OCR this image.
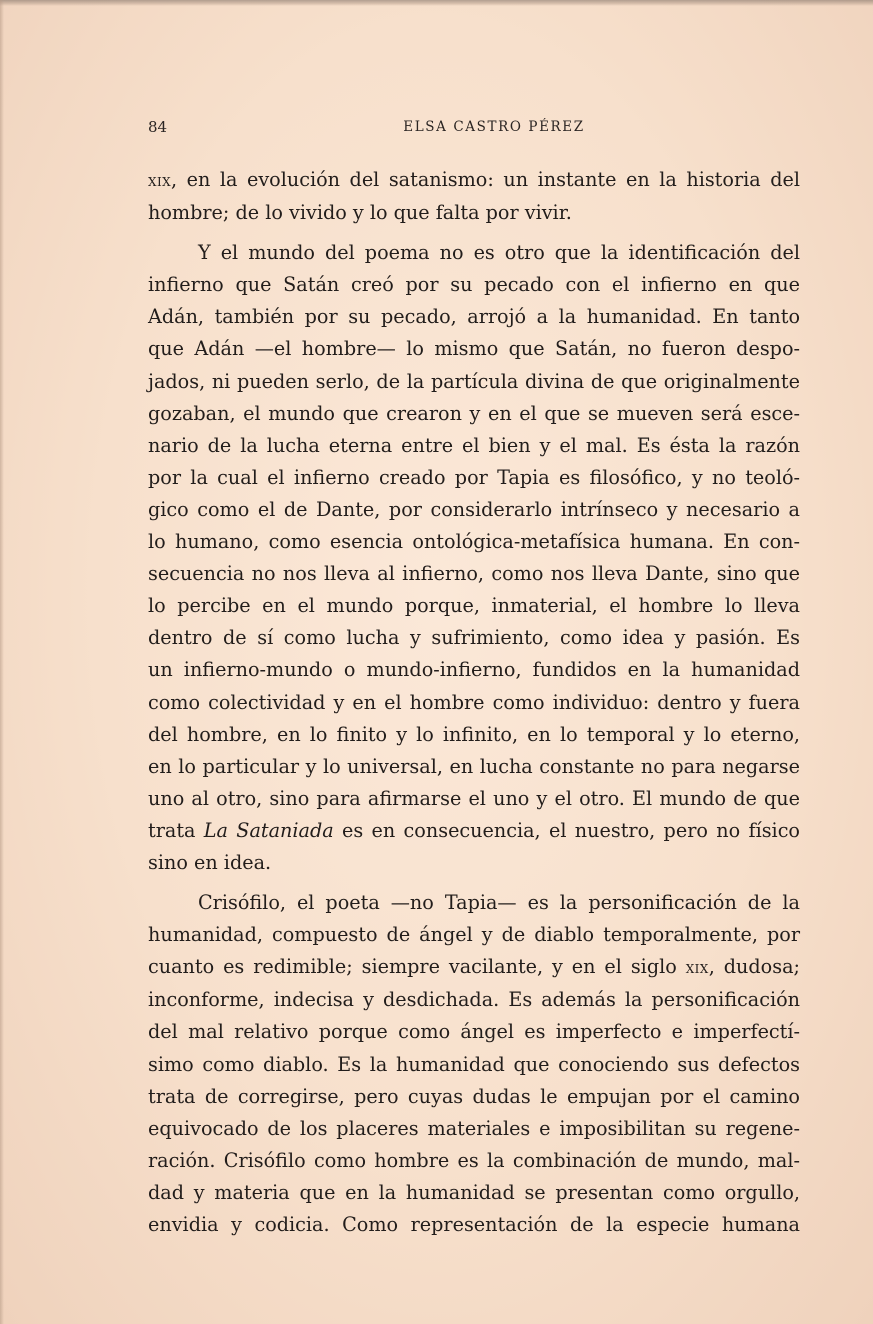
84	ELSA CASTRO PÉREZ

xix, en la evolución del satanismo: un instante en la historia del
hombre; de lo vivido y lo que falta por vivir.

Y el mundo del poema no es otro que la identificación del
infierno que Satán creó por su pecado con el infierno en que
Adán, también por su pecado, arrojó a la humanidad. En tanto
que Adán —el hombre— lo mismo que Satán, no fueron despo-
jados, ni pueden serlo, de la partícula divina de que originalmente
gozaban, el mundo que crearon y en el que se mueven será esce-
nario de la lucha eterna entre el bien y el mal. Es ésta la razón
por la cual el infierno creado por Tapia es filosófico, y no teoló-
gico como el de Dante, por considerarlo intrínseco y necesario a
lo humano, como esencia ontológica-metafísica humana. En con-
secuencia no nos lleva al infierno, como nos lleva Dante, sino que
lo percibe en el mundo porque, inmaterial, el hombre lo lleva
dentro de sí como lucha y sufrimiento, como idea y pasión. Es
un infierno-mundo o mundo-infierno, fundidos en la humanidad
como colectividad y en el hombre como individuo: dentro y fuera
del hombre, en lo finito y lo infinito, en lo temporal y lo eterno,
en lo particular y lo universal, en lucha constante no para negarse
uno al otro, sino para afirmarse el uno y el otro. El mundo de que
trata La Sataniada es en consecuencia, el nuestro, pero no físico
sino en idea.

Crisófilo, el poeta —no Tapia— es la personificación de la
humanidad, compuesto de ángel y de diablo temporalmente, por
cuanto es redimible; siempre vacilante, y en el siglo xix, dudosa;
inconforme, indecisa y desdichada. Es además la personificación
del mal relativo porque como ángel es imperfecto e imperfectí-
simo como diablo. Es la humanidad que conociendo sus defectos
trata de corregirse, pero cuyas dudas le empujan por el camino
equivocado de los placeres materiales e imposibilitan su regene-
ración. Crisófilo como hombre es la combinación de mundo, mal-
dad y materia que en la humanidad se presentan como orgullo,
envidia y codicia. Como representación de la especie humana
